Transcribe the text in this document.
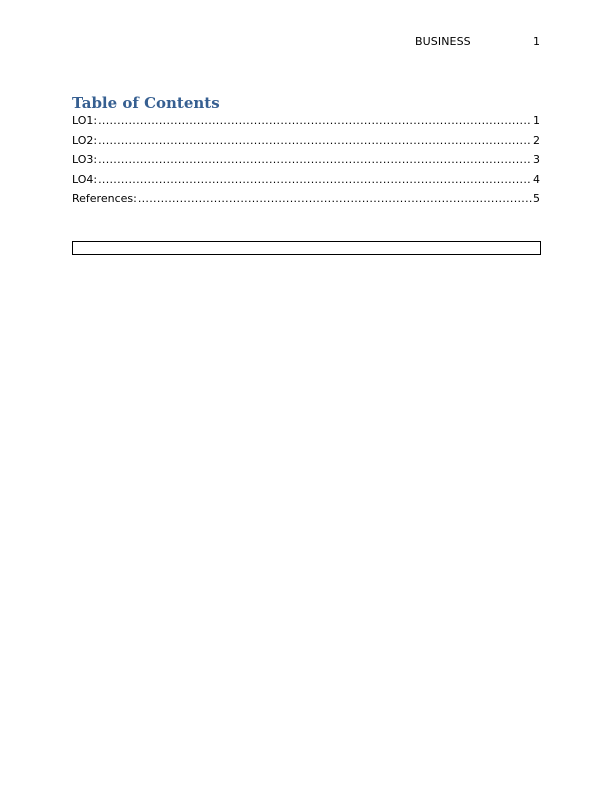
BUSINESS	1
Table of Contents
LO1: .....	1
LO2: .....	2
LO3: .....	3
LO4: .....	4
References: .....	5
